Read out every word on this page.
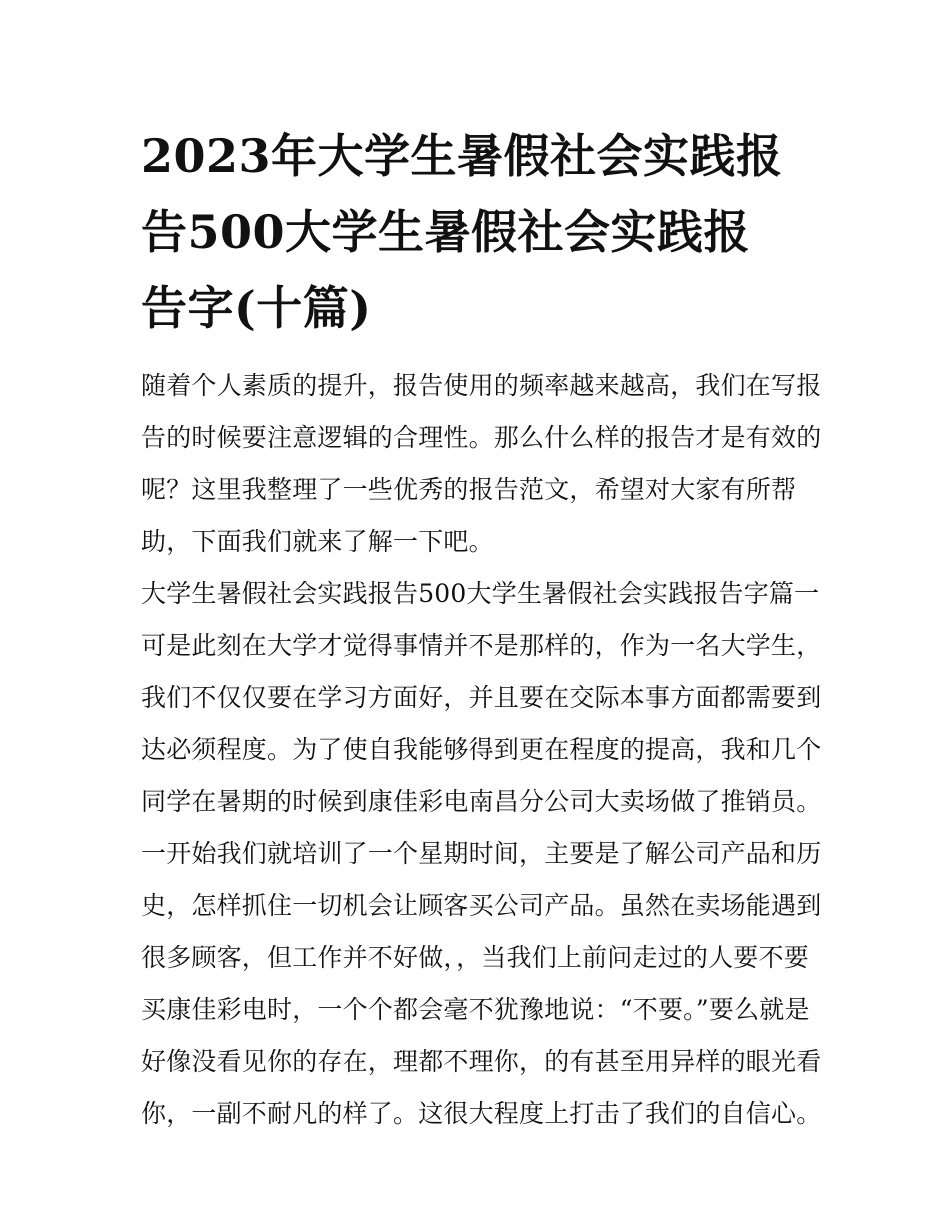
2023年大学生暑假社会实践报
告500大学生暑假社会实践报
告字(十篇)

随着个人素质的提升，报告使用的频率越来越高，我们在写报
告的时候要注意逻辑的合理性。那么什么样的报告才是有效的
呢？这里我整理了一些优秀的报告范文，希望对大家有所帮
助，下面我们就来了解一下吧。

大学生暑假社会实践报告500大学生暑假社会实践报告字篇一

可是此刻在大学才觉得事情并不是那样的，作为一名大学生，
我们不仅仅要在学习方面好，并且要在交际本事方面都需要到
达必须程度。为了使自我能够得到更在程度的提高，我和几个
同学在暑期的时候到康佳彩电南昌分公司大卖场做了推销员。
一开始我们就培训了一个星期时间，主要是了解公司产品和历
史，怎样抓住一切机会让顾客买公司产品。虽然在卖场能遇到
很多顾客，但工作并不好做，，当我们上前问走过的人要不要
买康佳彩电时，一个个都会毫不犹豫地说：“不要。”要么就是
好像没看见你的存在，理都不理你，的有甚至用异样的眼光看
你，一副不耐凡的样了。这很大程度上打击了我们的自信心。
